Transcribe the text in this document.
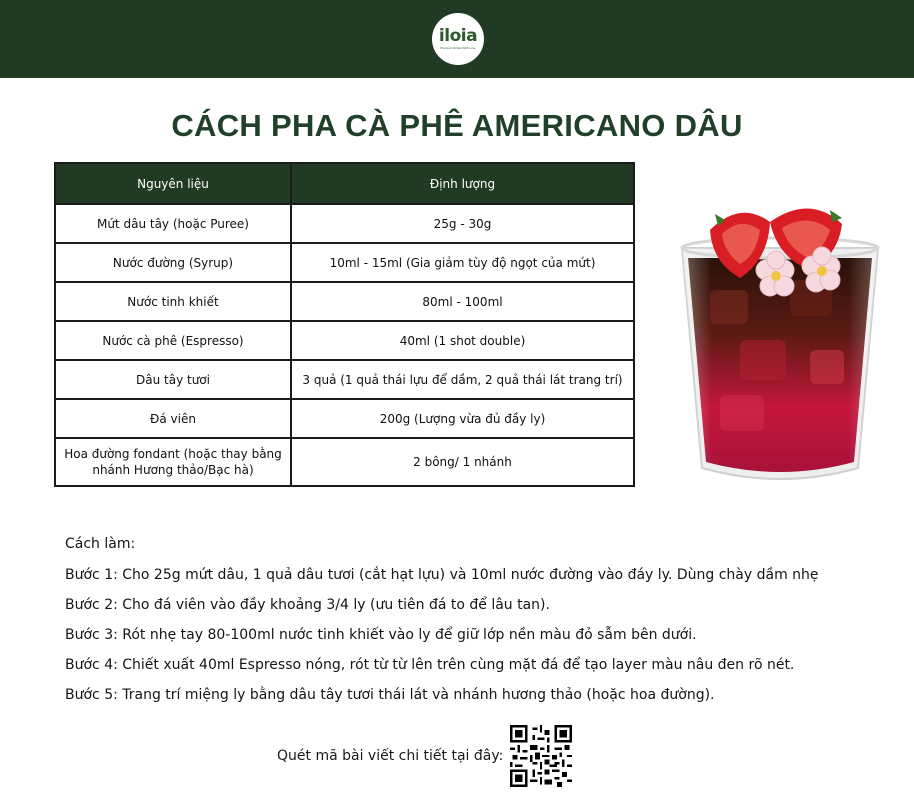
iloia
Premium Drinks With Love
CÁCH PHA CÀ PHÊ AMERICANO DÂU
Nguyên liệu	Định lượng
Mứt dâu tây (hoặc Puree)	25g - 30g
Nước đường (Syrup)	10ml - 15ml (Gia giảm tùy độ ngọt của mứt)
Nước tinh khiết	80ml - 100ml
Nước cà phê (Espresso)	40ml (1 shot double)
Dâu tây tươi	3 quả (1 quả thái lựu để dầm, 2 quả thái lát trang trí)
Đá viên	200g (Lượng vừa đủ đầy ly)
Hoa đường fondant (hoặc thay bằng nhánh Hương thảo/Bạc hà)	2 bông/ 1 nhánh
Cách làm:
Bước 1: Cho 25g mứt dâu, 1 quả dâu tươi (cắt hạt lựu) và 10ml nước đường vào đáy ly. Dùng chày dầm nhẹ
Bước 2: Cho đá viên vào đầy khoảng 3/4 ly (ưu tiên đá to để lâu tan).
Bước 3: Rót nhẹ tay 80-100ml nước tinh khiết vào ly để giữ lớp nền màu đỏ sẫm bên dưới.
Bước 4: Chiết xuất 40ml Espresso nóng, rót từ từ lên trên cùng mặt đá để tạo layer màu nâu đen rõ nét.
Bước 5: Trang trí miệng ly bằng dâu tây tươi thái lát và nhánh hương thảo (hoặc hoa đường).
Quét mã bài viết chi tiết tại đây:
